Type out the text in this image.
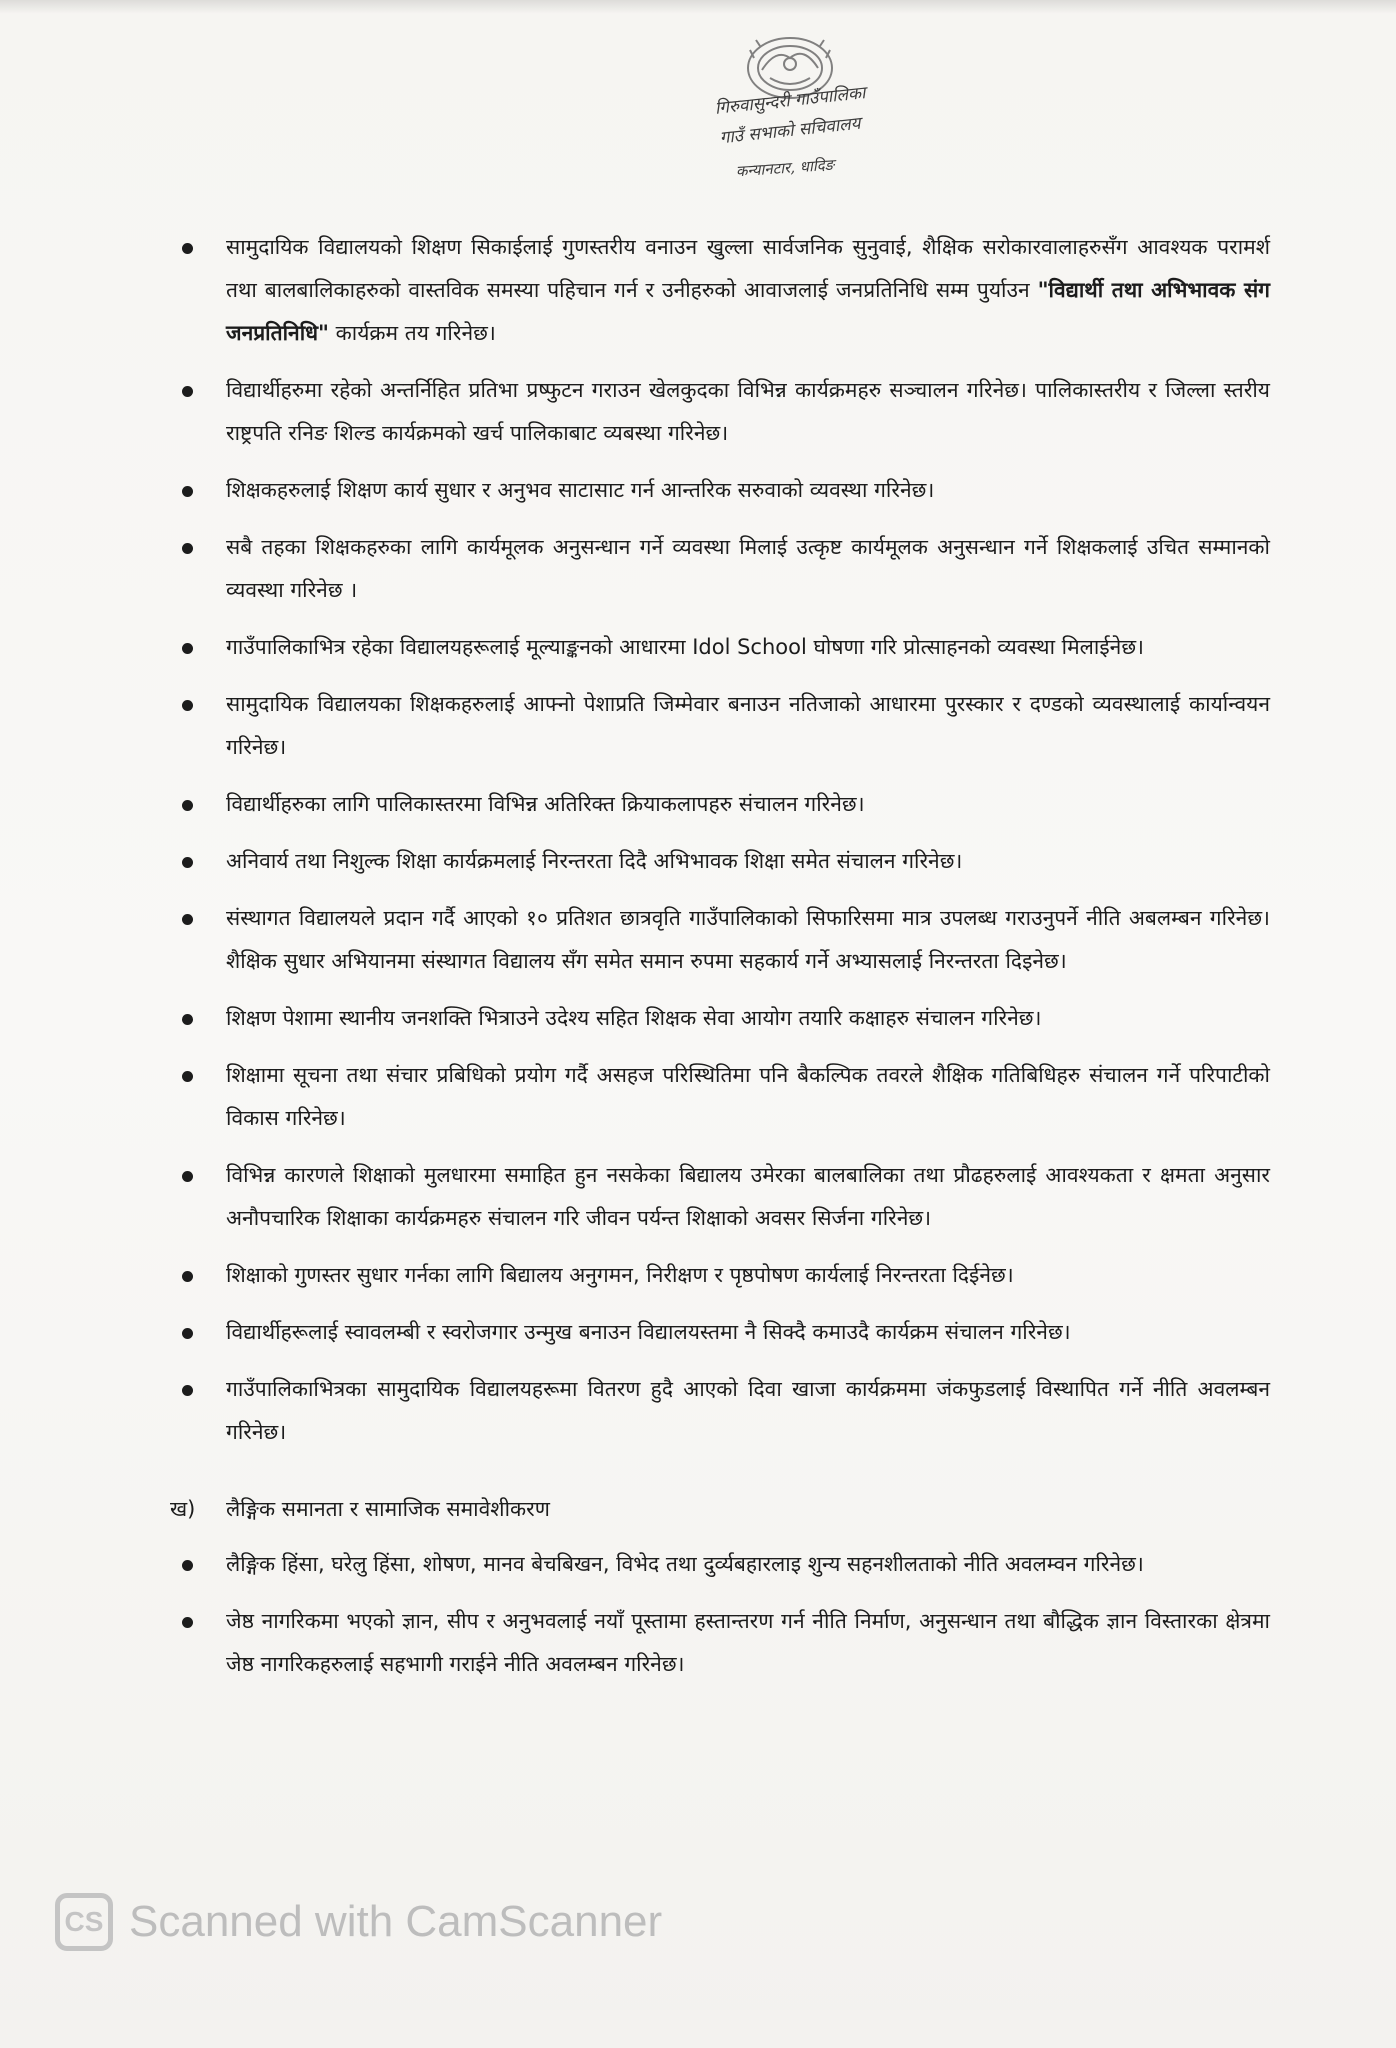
गिरुवासुन्दरी गाउँपालिका
गाउँ सभाको सचिवालय
कन्यानटार, धादिङ
सामुदायिक विद्यालयको शिक्षण सिकाईलाई गुणस्तरीय वनाउन खुल्ला सार्वजनिक सुनुवाई, शैक्षिक सरोकारवालाहरुसँग आवश्यक परामर्श तथा बालबालिकाहरुको वास्तविक समस्या पहिचान गर्न र उनीहरुको आवाजलाई जनप्रतिनिधि सम्म पुर्याउन "विद्यार्थी तथा अभिभावक संग जनप्रतिनिधि" कार्यक्रम तय गरिनेछ।
विद्यार्थीहरुमा रहेको अन्तर्निहित प्रतिभा प्रष्फुटन गराउन खेलकुदका विभिन्न कार्यक्रमहरु सञ्चालन गरिनेछ। पालिकास्तरीय र जिल्ला स्तरीय राष्ट्रपति रनिङ शिल्ड कार्यक्रमको खर्च पालिकाबाट व्यबस्था गरिनेछ।
शिक्षकहरुलाई शिक्षण कार्य सुधार र अनुभव साटासाट गर्न आन्तरिक सरुवाको व्यवस्था गरिनेछ।
सबै तहका शिक्षकहरुका लागि कार्यमूलक अनुसन्धान गर्ने व्यवस्था मिलाई उत्कृष्ट कार्यमूलक अनुसन्धान गर्ने शिक्षकलाई उचित सम्मानको व्यवस्था गरिनेछ ।
गाउँपालिकाभित्र रहेका विद्यालयहरूलाई मूल्याङ्कनको आधारमा Idol School घोषणा गरि प्रोत्साहनको व्यवस्था मिलाईनेछ।
सामुदायिक विद्यालयका शिक्षकहरुलाई आफ्नो पेशाप्रति जिम्मेवार बनाउन नतिजाको आधारमा पुरस्कार र दण्डको व्यवस्थालाई कार्यान्वयन गरिनेछ।
विद्यार्थीहरुका लागि पालिकास्तरमा विभिन्न अतिरिक्त क्रियाकलापहरु संचालन गरिनेछ।
अनिवार्य तथा निशुल्क शिक्षा कार्यक्रमलाई निरन्तरता दिदै अभिभावक शिक्षा समेत संचालन गरिनेछ।
संस्थागत विद्यालयले प्रदान गर्दै आएको १० प्रतिशत छात्रवृति गाउँपालिकाको सिफारिसमा मात्र उपलब्ध गराउनुपर्ने नीति अबलम्बन गरिनेछ। शैक्षिक सुधार अभियानमा संस्थागत विद्यालय सँग समेत समान रुपमा सहकार्य गर्ने अभ्यासलाई निरन्तरता दिइनेछ।
शिक्षण पेशामा स्थानीय जनशक्ति भित्राउने उदेश्य सहित शिक्षक सेवा आयोग तयारि कक्षाहरु संचालन गरिनेछ।
शिक्षामा सूचना तथा संचार प्रबिधिको प्रयोग गर्दै असहज परिस्थितिमा पनि बैकल्पिक तवरले शैक्षिक गतिबिधिहरु संचालन गर्ने परिपाटीको विकास गरिनेछ।
विभिन्न कारणले शिक्षाको मुलधारमा समाहित हुन नसकेका बिद्यालय उमेरका बालबालिका तथा प्रौढहरुलाई आवश्यकता र क्षमता अनुसार अनौपचारिक शिक्षाका कार्यक्रमहरु संचालन गरि जीवन पर्यन्त शिक्षाको अवसर सिर्जना गरिनेछ।
शिक्षाको गुणस्तर सुधार गर्नका लागि बिद्यालय अनुगमन, निरीक्षण र पृष्ठपोषण कार्यलाई निरन्तरता दिईनेछ।
विद्यार्थीहरूलाई स्वावलम्बी र स्वरोजगार उन्मुख बनाउन विद्यालयस्तमा नै सिक्दै कमाउदै कार्यक्रम संचालन गरिनेछ।
गाउँपालिकाभित्रका सामुदायिक विद्यालयहरूमा वितरण हुदै आएको दिवा खाजा कार्यक्रममा जंकफुडलाई विस्थापित गर्ने नीति अवलम्बन गरिनेछ।
ख) लैङ्गिक समानता र सामाजिक समावेशीकरण
लैङ्गिक हिंसा, घरेलु हिंसा, शोषण, मानव बेचबिखन, विभेद तथा दुर्व्यबहारलाइ शुन्य सहनशीलताको नीति अवलम्वन गरिनेछ।
जेष्ठ नागरिकमा भएको ज्ञान, सीप र अनुभवलाई नयाँ पूस्तामा हस्तान्तरण गर्न नीति निर्माण, अनुसन्धान तथा बौद्धिक ज्ञान विस्तारका क्षेत्रमा जेष्ठ नागरिकहरुलाई सहभागी गराईने नीति अवलम्बन गरिनेछ।
CS Scanned with CamScanner
